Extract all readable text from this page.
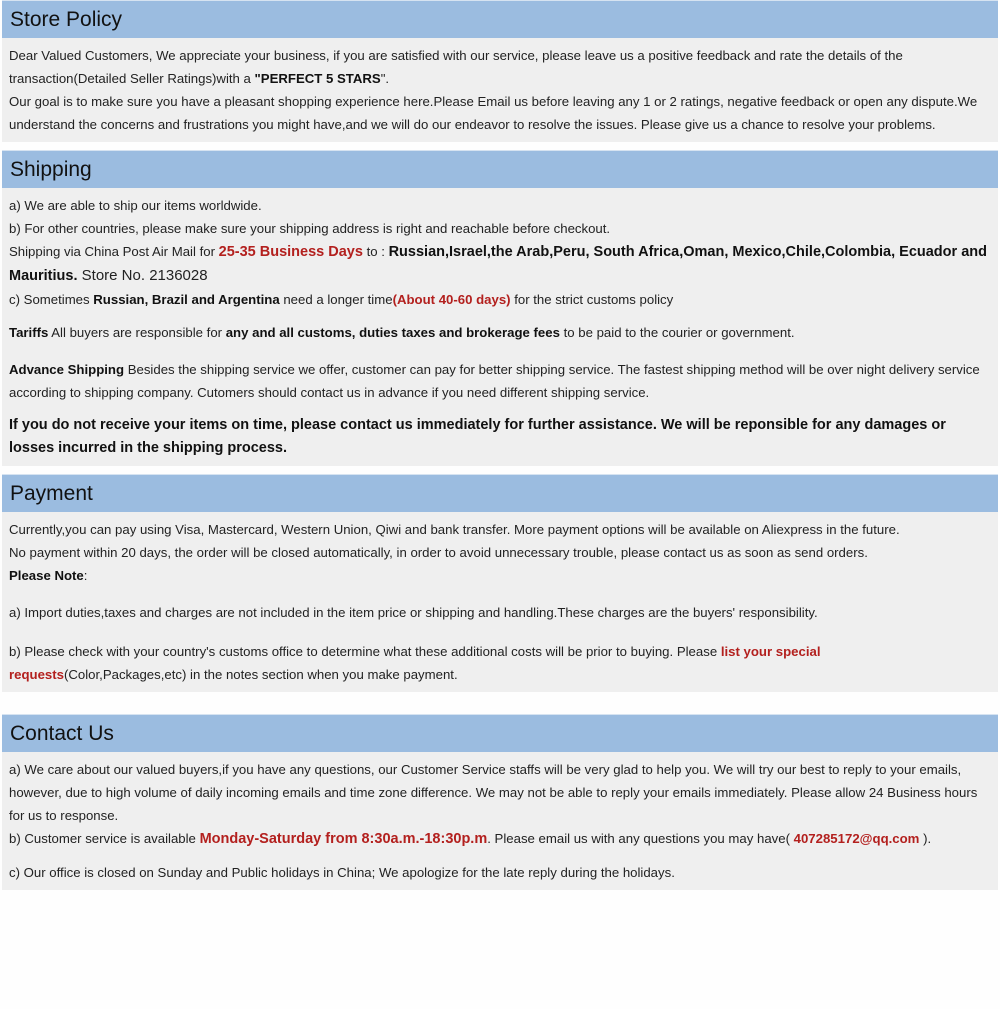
Store Policy

Dear Valued Customers, We appreciate your business, if you are satisfied with our service, please leave us a positive feedback and rate the details of the transaction(Detailed Seller Ratings)with a "PERFECT 5 STARS".

Our goal is to make sure you have a pleasant shopping experience here.Please Email us before leaving any 1 or 2 ratings, negative feedback or open any dispute.We understand the concerns and frustrations you might have,and we will do our endeavor to resolve the issues. Please give us a chance to resolve your problems.

Shipping

a) We are able to ship our items worldwide.

b) For other countries, please make sure your shipping address is right and reachable before checkout.

Shipping via China Post Air Mail for 25-35 Business Days to : Russian,Israel,the Arab,Peru, South Africa,Oman, Mexico,Chile,Colombia, Ecuador and Mauritius. Store No. 2136028

c) Sometimes Russian, Brazil and Argentina need a longer time(About 40-60 days) for the strict customs policy

Tariffs All buyers are responsible for any and all customs, duties taxes and brokerage fees to be paid to the courier or government.

Advance Shipping Besides the shipping service we offer, customer can pay for better shipping service. The fastest shipping method will be over night delivery service according to shipping company. Cutomers should contact us in advance if you need different shipping service.

If you do not receive your items on time, please contact us immediately for further assistance. We will be reponsible for any damages or losses incurred in the shipping process.

Payment

Currently,you can pay using Visa, Mastercard, Western Union, Qiwi and bank transfer. More payment options will be available on Aliexpress in the future.

No payment within 20 days, the order will be closed automatically, in order to avoid unnecessary trouble, please contact us as soon as send orders.

Please Note:

a) Import duties,taxes and charges are not included in the item price or shipping and handling.These charges are the buyers' responsibility.

b) Please check with your country's customs office to determine what these additional costs will be prior to buying. Please list your special requests(Color,Packages,etc) in the notes section when you make payment.

Contact Us

a) We care about our valued buyers,if you have any questions, our Customer Service staffs will be very glad to help you. We will try our best to reply to your emails, however, due to high volume of daily incoming emails and time zone difference. We may not be able to reply your emails immediately. Please allow 24 Business hours for us to response.

b) Customer service is available Monday-Saturday from 8:30a.m.-18:30p.m. Please email us with any questions you may have( 407285172@qq.com ).

c) Our office is closed on Sunday and Public holidays in China; We apologize for the late reply during the holidays.
